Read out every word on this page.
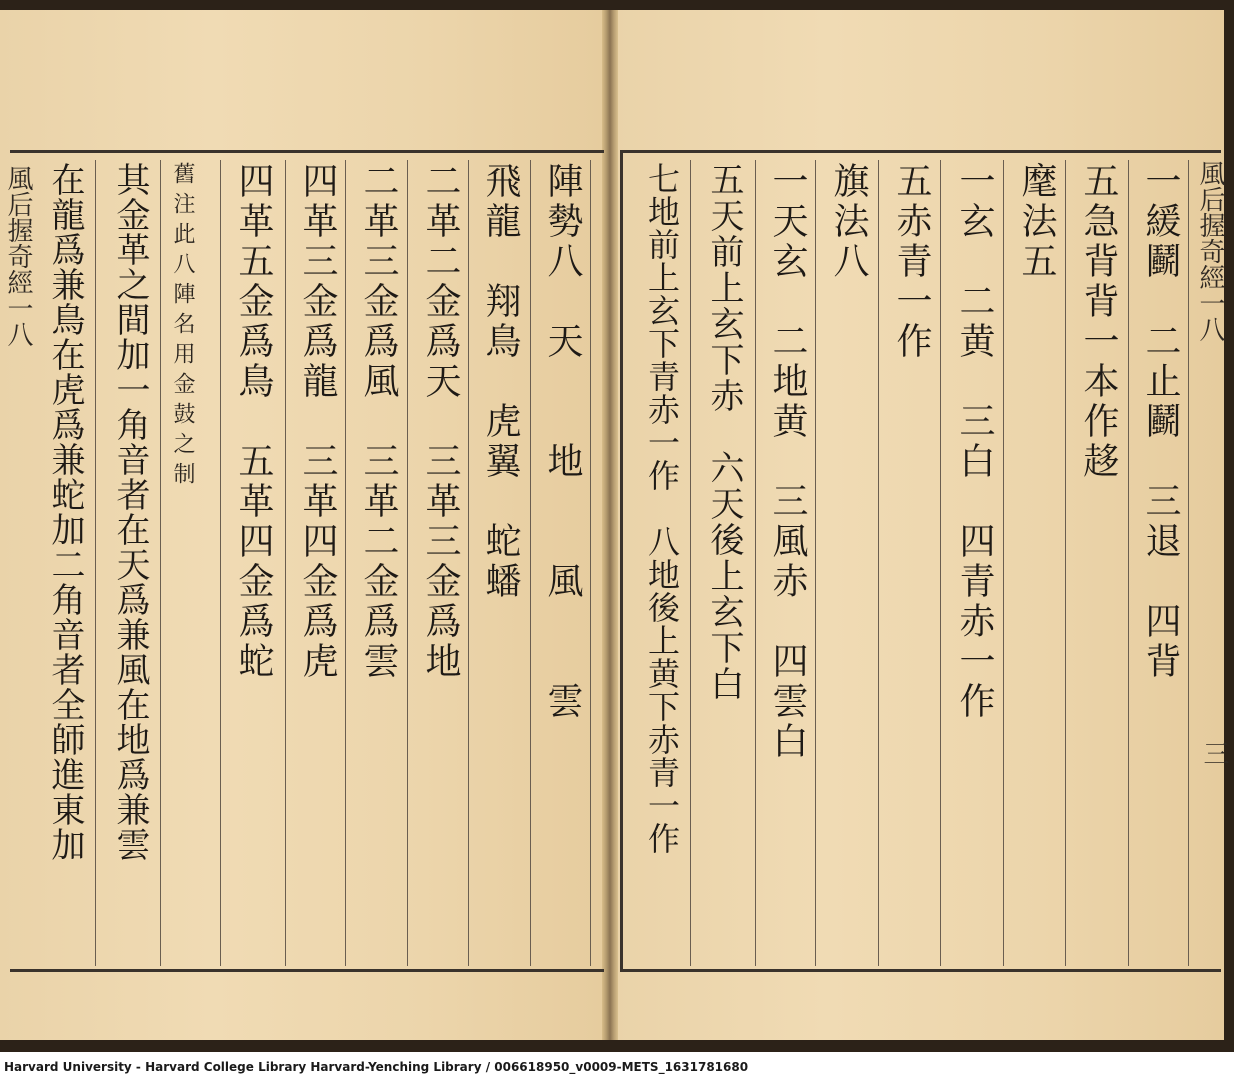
陣勢八　天　　地　　風　　雲
飛龍　翔鳥　虎翼　蛇蟠
二革二金爲天　三革三金爲地
二革三金爲風　三革二金爲雲
四革三金爲龍　三革四金爲虎
四革五金爲鳥　五革四金爲蛇
舊注此八陣名用金鼓之制
其金革之間加一角音者在天爲兼風在地爲兼雲
在龍爲兼鳥在虎爲兼蛇加二角音者全師進東加
風后握奇經一八	一緩鬬　二止鬬　三退　四背
五急背背一本作趍
麾法五
一玄　二黄　三白　四青赤一作
五赤青一作
旗法八
一天玄　二地黄　三風赤　四雲白
五天前上玄下赤　六天後上玄下白
七地前上玄下青赤一作　八地後上黄下赤青一作	風后握奇經一八
三
Harvard University - Harvard College Library Harvard-Yenching Library / 006618950_v0009-METS_1631781680
